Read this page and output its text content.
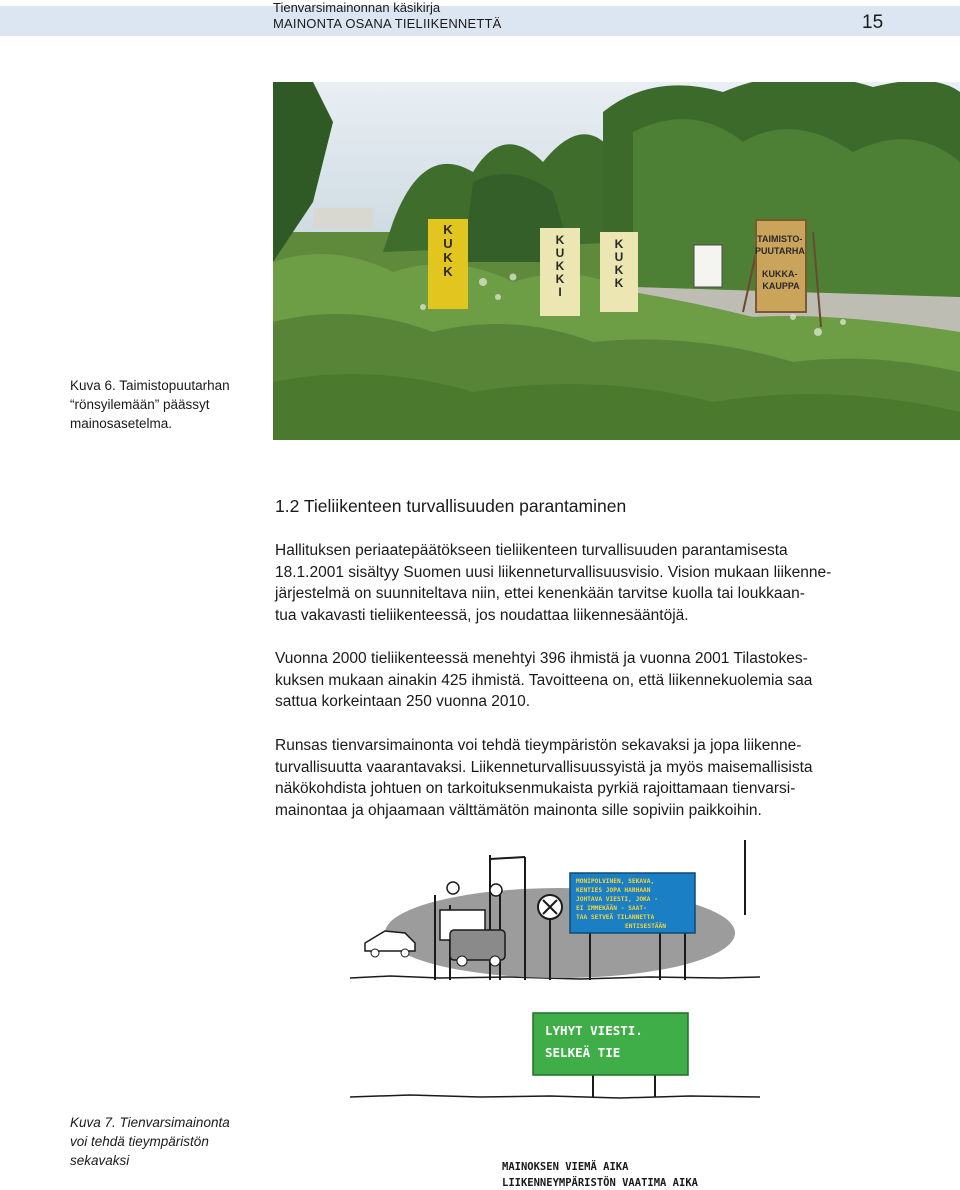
Tienvarsimainonnan käsikirja
MAINONTA OSANA TIELIIKENNETTÄ	15
K U K K
K U K K I
K U K K
TAIMISTO- PUUTARHA KUKKA- KAUPPA
Kuva 6. Taimistopuutarhan
“rönsyilemään” päässyt
mainosasetelma.
1.2 Tieliikenteen turvallisuuden parantaminen
Hallituksen periaatepäätökseen tieliikenteen turvallisuuden parantamisesta
18.1.2001 sisältyy Suomen uusi liikenneturvallisuusvisio. Vision mukaan liikenne-
järjestelmä on suunniteltava niin, ettei kenenkään tarvitse kuolla tai loukkaan-
tua vakavasti tieliikenteessä, jos noudattaa liikennesääntöjä.
Vuonna 2000 tieliikenteessä menehtyi 396 ihmistä ja vuonna 2001 Tilastokes-
kuksen mukaan ainakin 425 ihmistä. Tavoitteena on, että liikennekuolemia saa
sattua korkeintaan 250 vuonna 2010.
Runsas tienvarsimainonta voi tehdä tieympäristön sekavaksi ja jopa liikenne-
turvallisuutta vaarantavaksi. Liikenneturvallisuussyistä ja myös maisemallisista
näkökohdista johtuen on tarkoituksenmukaista pyrkiä rajoittamaan tienvarsi-
mainontaa ja ohjaamaan välttämätön mainonta sille sopiviin paikkoihin.
MONIPOLVINEN, SEKAVA, KENTIES JOPA HARHAAN JOHTAVA VIESTI, JOKA - EI IMMEKÄÄN - SAAT- TAA SETVEÄ TILANNETTA ENTISESTÄÄN
LYHYT VIESTI. SELKEÄ TIE
MAINOKSEN VIEMÄ AIKA LIIKENNEYMPÄRISTÖN VAATIMA AIKA
Kuva 7. Tienvarsimainonta
voi tehdä tieympäristön
sekavaksi
